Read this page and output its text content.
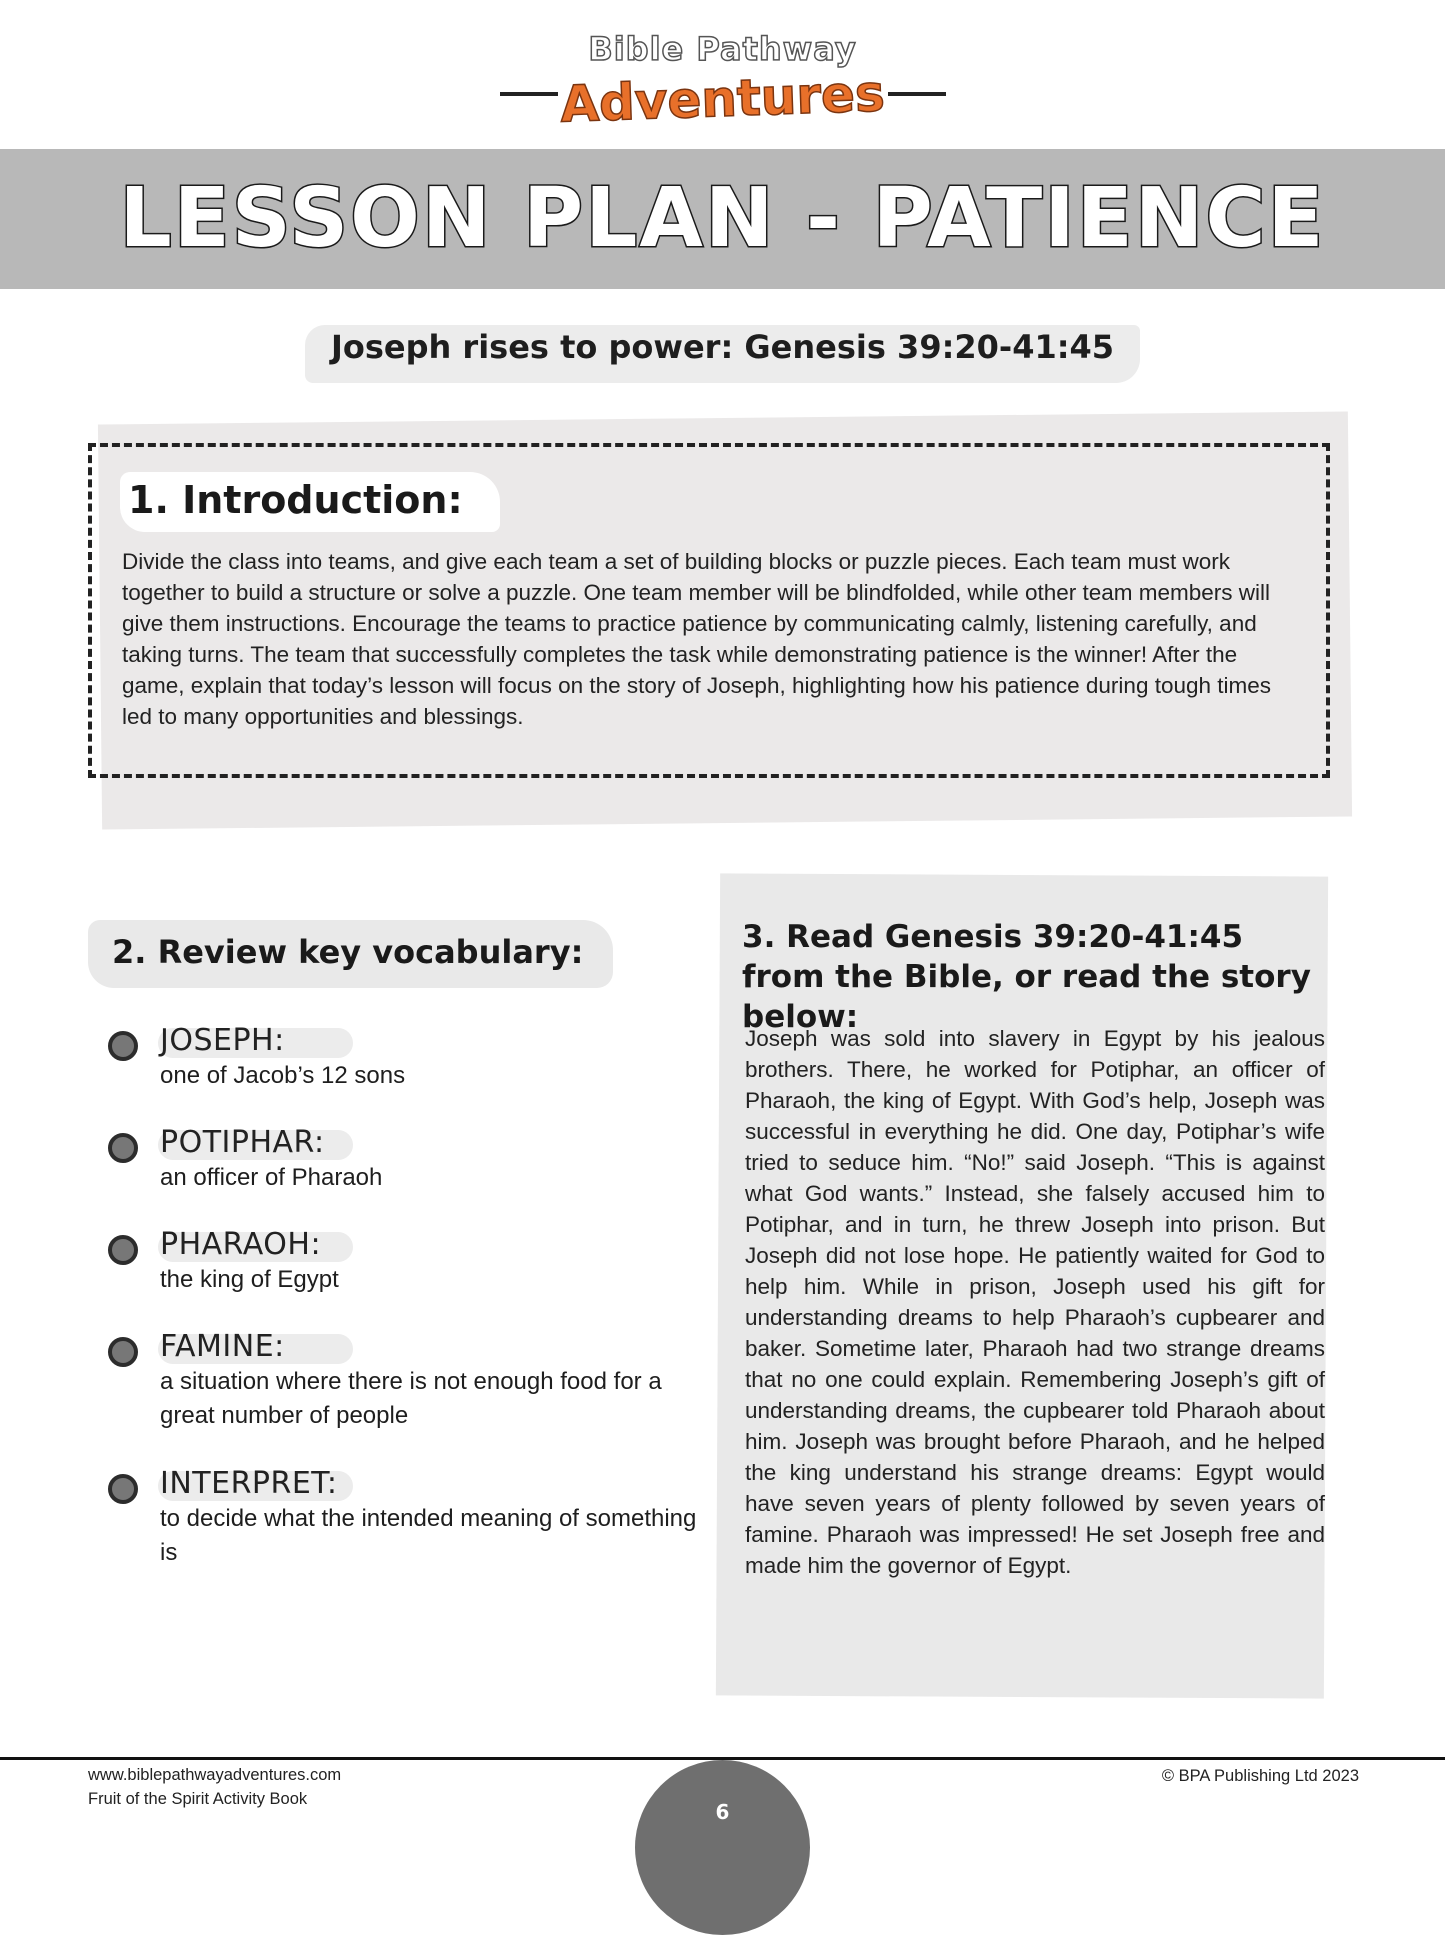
Bible Pathway
Adventures
LESSON PLAN - PATIENCE
Joseph rises to power: Genesis 39:20-41:45
1. Introduction:
Divide the class into teams, and give each team a set of building blocks or puzzle pieces. Each team must work together to build a structure or solve a puzzle. One team member will be blindfolded, while other team members will give them instructions. Encourage the teams to practice patience by communicating calmly, listening carefully, and taking turns. The team that successfully completes the task while demonstrating patience is the winner! After the game, explain that today’s lesson will focus on the story of Joseph, highlighting how his patience during tough times led to many opportunities and blessings.
2. Review key vocabulary:
JOSEPH:
one of Jacob’s 12 sons
POTIPHAR:
an officer of Pharaoh
PHARAOH:
the king of Egypt
FAMINE:
a situation where there is not enough food for a great number of people
INTERPRET:
to decide what the intended meaning of something is
3. Read Genesis 39:20-41:45 from the Bible, or read the story below:
Joseph was sold into slavery in Egypt by his jealous brothers. There, he worked for Potiphar, an officer of Pharaoh, the king of Egypt. With God’s help, Joseph was successful in everything he did. One day, Potiphar’s wife tried to seduce him. “No!” said Joseph. “This is against what God wants.” Instead, she falsely accused him to Potiphar, and in turn, he threw Joseph into prison. But Joseph did not lose hope. He patiently waited for God to help him. While in prison, Joseph used his gift for understanding dreams to help Pharaoh’s cupbearer and baker. Sometime later, Pharaoh had two strange dreams that no one could explain. Remembering Joseph’s gift of understanding dreams, the cupbearer told Pharaoh about him. Joseph was brought before Pharaoh, and he helped the king understand his strange dreams: Egypt would have seven years of plenty followed by seven years of famine. Pharaoh was impressed! He set Joseph free and made him the governor of Egypt.
www.biblepathwayadventures.com
Fruit of the Spirit Activity Book
© BPA Publishing Ltd 2023
6
